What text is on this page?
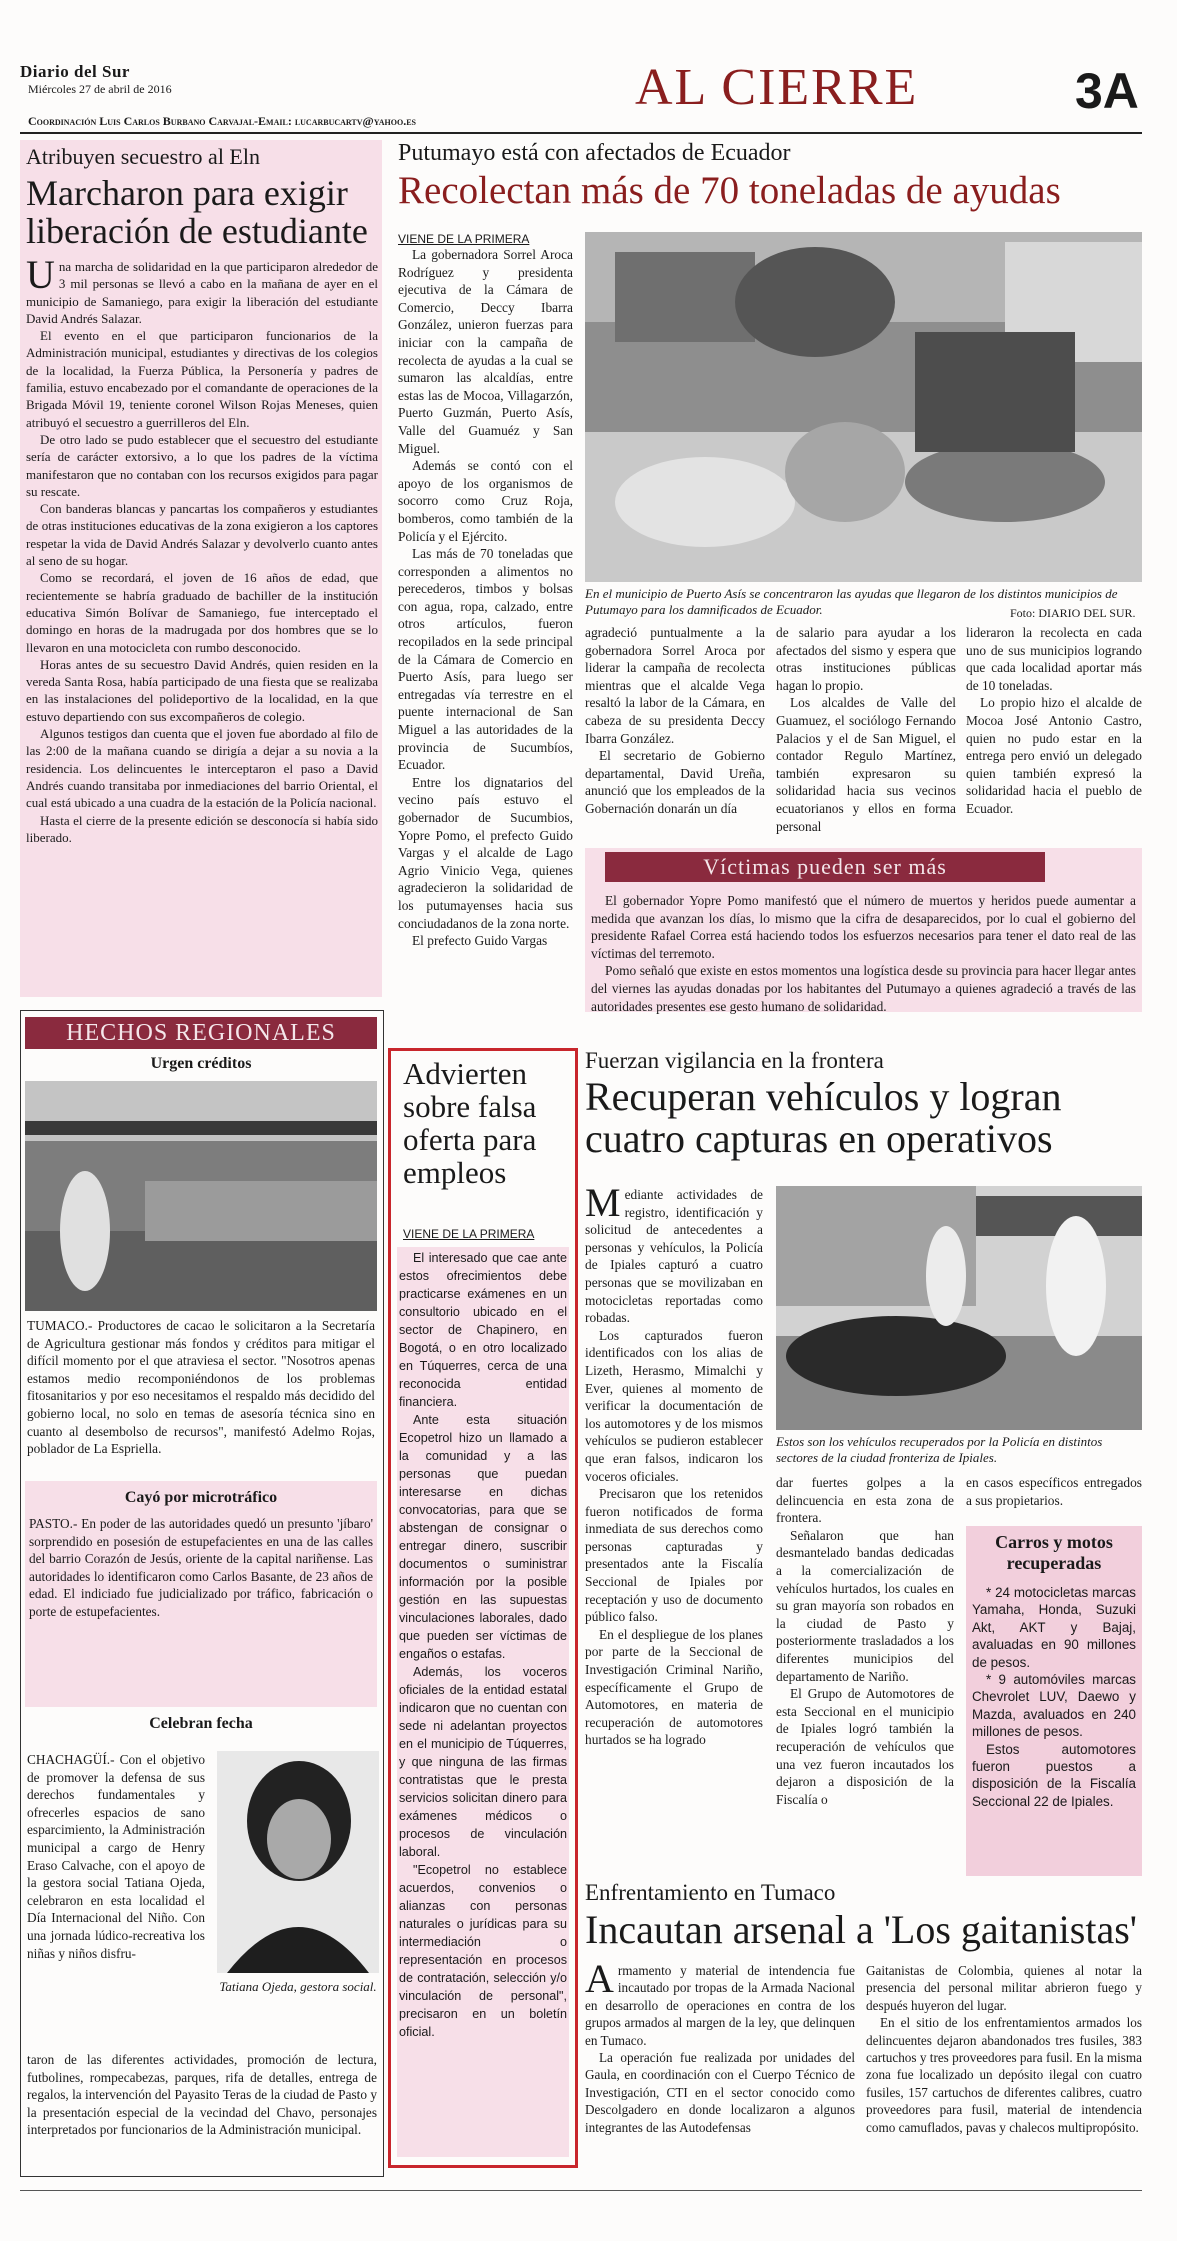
Diario del Sur
Miércoles 27 de abril de 2016
Coordinación Luis Carlos Burbano Carvajal-Email: lucarbucartv@yahoo.es
AL CIERRE	3A
Atribuyen secuestro al Eln
Marcharon para exigir liberación de estudiante

Una marcha de solidaridad en la que participaron alrededor de 3 mil personas se llevó a cabo en la mañana de ayer en el municipio de Samaniego, para exigir la liberación del estudiante David Andrés Salazar.

El evento en el que participaron funcionarios de la Administración municipal, estudiantes y directivas de los colegios de la localidad, la Fuerza Pública, la Personería y padres de familia, estuvo encabezado por el comandante de operaciones de la Brigada Móvil 19, teniente coronel Wilson Rojas Meneses, quien atribuyó el secuestro a guerrilleros del Eln.

De otro lado se pudo establecer que el secuestro del estudiante sería de carácter extorsivo, a lo que los padres de la víctima manifestaron que no contaban con los recursos exigidos para pagar su rescate.

Con banderas blancas y pancartas los compañeros y estudiantes de otras instituciones educativas de la zona exigieron a los captores respetar la vida de David Andrés Salazar y devolverlo cuanto antes al seno de su hogar.

Como se recordará, el joven de 16 años de edad, que recientemente se habría graduado de bachiller de la institución educativa Simón Bolívar de Samaniego, fue interceptado el domingo en horas de la madrugada por dos hombres que se lo llevaron en una motocicleta con rumbo desconocido.

Horas antes de su secuestro David Andrés, quien residen en la vereda Santa Rosa, había participado de una fiesta que se realizaba en las instalaciones del polideportivo de la localidad, en la que estuvo departiendo con sus excompañeros de colegio.

Algunos testigos dan cuenta que el joven fue abordado al filo de las 2:00 de la mañana cuando se dirigía a dejar a su novia a la residencia. Los delincuentes le interceptaron el paso a David Andrés cuando transitaba por inmediaciones del barrio Oriental, el cual está ubicado a una cuadra de la estación de la Policía nacional.

Hasta el cierre de la presente edición se desconocía si había sido liberado.

Putumayo está con afectados de Ecuador
Recolectan más de 70 toneladas de ayudas
VIENE DE LA PRIMERA

La gobernadora Sorrel Aroca Rodríguez y presidenta ejecutiva de la Cámara de Comercio, Deccy Ibarra González, unieron fuerzas para iniciar con la campaña de recolecta de ayudas a la cual se sumaron las alcaldías, entre estas las de Mocoa, Villagarzón, Puerto Guzmán, Puerto Asís, Valle del Guamuéz y San Miguel.

Además se contó con el apoyo de los organismos de socorro como Cruz Roja, bomberos, como también de la Policía y el Ejército.

Las más de 70 toneladas que corresponden a alimentos no perecederos, timbos y bolsas con agua, ropa, calzado, entre otros artículos, fueron recopilados en la sede principal de la Cámara de Comercio en Puerto Asís, para luego ser entregadas vía terrestre en el puente internacional de San Miguel a las autoridades de la provincia de Sucumbíos, Ecuador.

Entre los dignatarios del vecino país estuvo el gobernador de Sucumbios, Yopre Pomo, el prefecto Guido Vargas y el alcalde de Lago Agrio Vinicio Vega, quienes agradecieron la solidaridad de los putumayenses hacia sus conciudadanos de la zona norte.

El prefecto Guido Vargas

En el municipio de Puerto Asís se concentraron las ayudas que llegaron de los distintos municipios de Putumayo para los damnificados de Ecuador.	Foto: DIARIO DEL SUR.

agradeció puntualmente a la gobernadora Sorrel Aroca por liderar la campaña de recolecta mientras que el alcalde Vega resaltó la labor de la Cámara, en cabeza de su presidenta Deccy Ibarra González.

El secretario de Gobierno departamental, David Ureña, anunció que los empleados de la Gobernación donarán un día

de salario para ayudar a los afectados del sismo y espera que otras instituciones públicas hagan lo propio.

Los alcaldes de Valle del Guamuez, el sociólogo Fernando Palacios y el de San Miguel, el contador Regulo Martínez, también expresaron su solidaridad hacia sus vecinos ecuatorianos y ellos en forma personal

lideraron la recolecta en cada uno de sus municipios logrando que cada localidad aportar más de 10 toneladas.

Lo propio hizo el alcalde de Mocoa José Antonio Castro, quien no pudo estar en la entrega pero envió un delegado quien también expresó la solidaridad hacia el pueblo de Ecuador.

Víctimas pueden ser más

El gobernador Yopre Pomo manifestó que el número de muertos y heridos puede aumentar a medida que avanzan los días, lo mismo que la cifra de desaparecidos, por lo cual el gobierno del presidente Rafael Correa está haciendo todos los esfuerzos necesarios para tener el dato real de las víctimas del terremoto.

Pomo señaló que existe en estos momentos una logística desde su provincia para hacer llegar antes del viernes las ayudas donadas por los habitantes del Putumayo a quienes agradeció a través de las autoridades presentes ese gesto humano de solidaridad.

HECHOS REGIONALES
Urgen créditos
TUMACO.- Productores de cacao le solicitaron a la Secretaría de Agricultura gestionar más fondos y créditos para mitigar el difícil momento por el que atraviesa el sector. "Nosotros apenas estamos medio recomponiéndonos de los problemas fitosanitarios y por eso necesitamos el respaldo más decidido del gobierno local, no solo en temas de asesoría técnica sino en cuanto al desembolso de recursos", manifestó Adelmo Rojas, poblador de La Espriella.
Cayó por microtráfico
PASTO.- En poder de las autoridades quedó un presunto 'jíbaro' sorprendido en posesión de estupefacientes en una de las calles del barrio Corazón de Jesús, oriente de la capital nariñense. Las autoridades lo identificaron como Carlos Basante, de 23 años de edad. El indiciado fue judicializado por tráfico, fabricación o porte de estupefacientes.
Celebran fecha
CHACHAGÜÍ.- Con el objetivo de promover la defensa de sus derechos fundamentales y ofrecerles espacios de sano esparcimiento, la Administración municipal a cargo de Henry Eraso Calvache, con el apoyo de la gestora social Tatiana Ojeda, celebraron en esta localidad el Día Internacional del Niño. Con una jornada lúdico-recreativa los niñas y niños disfru-
Tatiana Ojeda, gestora social.
taron de las diferentes actividades, promoción de lectura, futbolines, rompecabezas, parques, rifa de detalles, entrega de regalos, la intervención del Payasito Teras de la ciudad de Pasto y la presentación especial de la vecindad del Chavo, personajes interpretados por funcionarios de la Administración municipal.
Advierten sobre falsa oferta para empleos
VIENE DE LA PRIMERA

El interesado que cae ante estos ofrecimientos debe practicarse exámenes en un consultorio ubicado en el sector de Chapinero, en Bogotá, o en otro localizado en Túquerres, cerca de una reconocida entidad financiera.

Ante esta situación Ecopetrol hizo un llamado a la comunidad y a las personas que puedan interesarse en dichas convocatorias, para que se abstengan de consignar o entregar dinero, suscribir documentos o suministrar información por la posible gestión en las supuestas vinculaciones laborales, dado que pueden ser víctimas de engaños o estafas.

Además, los voceros oficiales de la entidad estatal indicaron que no cuentan con sede ni adelantan proyectos en el municipio de Túquerres, y que ninguna de las firmas contratistas que le presta servicios solicitan dinero para exámenes médicos o procesos de vinculación laboral.

"Ecopetrol no establece acuerdos, convenios o alianzas con personas naturales o jurídicas para su intermediación o representación en procesos de contratación, selección y/o vinculación de personal", precisaron en un boletín oficial.

Fuerzan vigilancia en la frontera
Recuperan vehículos y logran cuatro capturas en operativos

Mediante actividades de registro, identificación y solicitud de antecedentes a personas y vehículos, la Policía de Ipiales capturó a cuatro personas que se movilizaban en motocicletas reportadas como robadas.

Los capturados fueron identificados con los alias de Lizeth, Herasmo, Mimalchi y Ever, quienes al momento de verificar la documentación de los automotores y de los mismos vehículos se pudieron establecer que eran falsos, indicaron los voceros oficiales.

Precisaron que los retenidos fueron notificados de forma inmediata de sus derechos como personas capturadas y presentados ante la Fiscalía Seccional de Ipiales por receptación y uso de documento público falso.

En el despliegue de los planes por parte de la Seccional de Investigación Criminal Nariño, específicamente el Grupo de Automotores, en materia de recuperación de automotores hurtados se ha logrado

Estos son los vehículos recuperados por la Policía en distintos sectores de la ciudad fronteriza de Ipiales.

dar fuertes golpes a la delincuencia en esta zona de frontera.

Señalaron que han desmantelado bandas dedicadas a la comercialización de vehículos hurtados, los cuales en su gran mayoría son robados en la ciudad de Pasto y posteriormente trasladados a los diferentes municipios del departamento de Nariño.

El Grupo de Automotores de esta Seccional en el municipio de Ipiales logró también la recuperación de vehículos que una vez fueron incautados los dejaron a disposición de la Fiscalía o

en casos específicos entregados a sus propietarios.

Carros y motos recuperadas

* 24 motocicletas marcas Yamaha, Honda, Suzuki Akt, AKT y Bajaj, avaluadas en 90 millones de pesos.

* 9 automóviles marcas Chevrolet LUV, Daewo y Mazda, avaluados en 240 millones de pesos.

Estos automotores fueron puestos a disposición de la Fiscalía Seccional 22 de Ipiales.

Enfrentamiento en Tumaco
Incautan arsenal a 'Los gaitanistas'

Armamento y material de intendencia fue incautado por tropas de la Armada Nacional en desarrollo de operaciones en contra de los grupos armados al margen de la ley, que delinquen en Tumaco.

La operación fue realizada por unidades del Gaula, en coordinación con el Cuerpo Técnico de Investigación, CTI en el sector conocido como Descolgadero en donde localizaron a algunos integrantes de las Autodefensas

Gaitanistas de Colombia, quienes al notar la presencia del personal militar abrieron fuego y después huyeron del lugar.

En el sitio de los enfrentamientos armados los delincuentes dejaron abandonados tres fusiles, 383 cartuchos y tres proveedores para fusil. En la misma zona fue localizado un depósito ilegal con cuatro fusiles, 157 cartuchos de diferentes calibres, cuatro proveedores para fusil, material de intendencia como camuflados, pavas y chalecos multipropósito.
